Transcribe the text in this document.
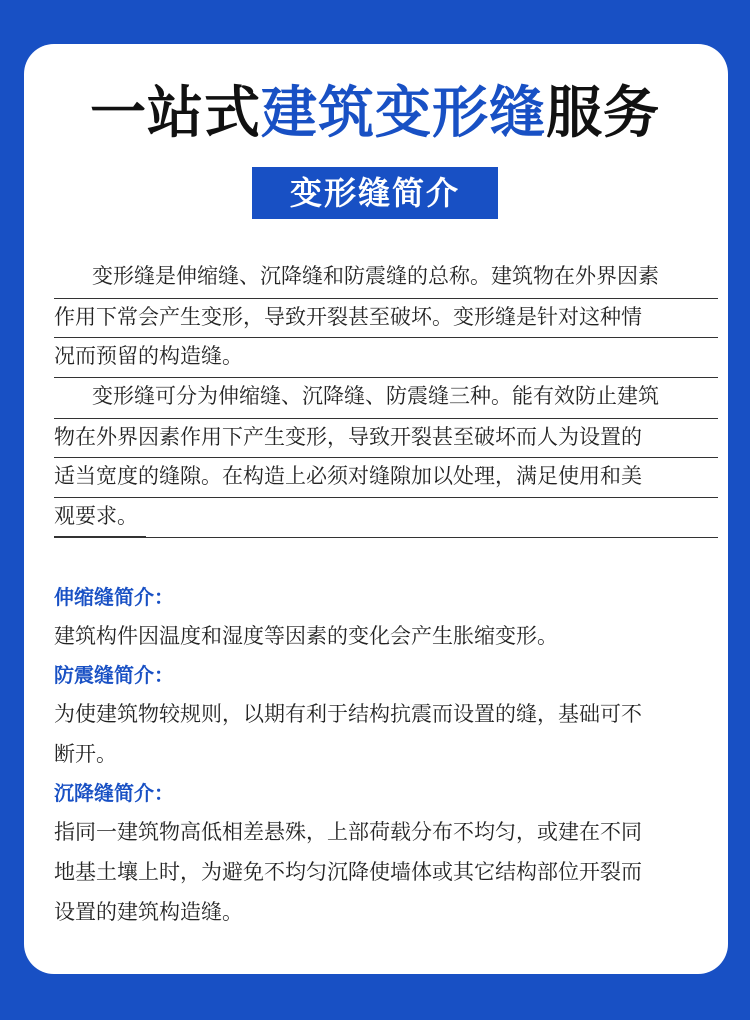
一站式建筑变形缝服务
变形缝简介
变形缝是伸缩缝、沉降缝和防震缝的总称。建筑物在外界因素
作用下常会产生变形，导致开裂甚至破坏。变形缝是针对这种情
况而预留的构造缝。
变形缝可分为伸缩缝、沉降缝、防震缝三种。能有效防止建筑
物在外界因素作用下产生变形，导致开裂甚至破坏而人为设置的
适当宽度的缝隙。在构造上必须对缝隙加以处理，满足使用和美
观要求。
伸缩缝简介：
建筑构件因温度和湿度等因素的变化会产生胀缩变形。
防震缝简介：
为使建筑物较规则，以期有利于结构抗震而设置的缝，基础可不
断开。
沉降缝简介：
指同一建筑物高低相差悬殊，上部荷载分布不均匀，或建在不同
地基土壤上时，为避免不均匀沉降使墙体或其它结构部位开裂而
设置的建筑构造缝。
